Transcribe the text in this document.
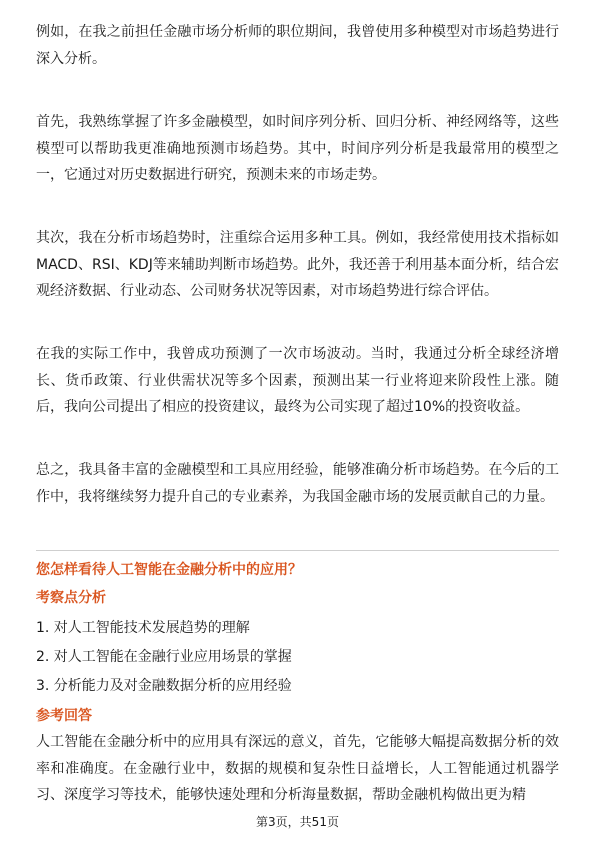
例如，在我之前担任金融市场分析师的职位期间，我曾使用多种模型对市场趋势进行深入分析。

首先，我熟练掌握了许多金融模型，如时间序列分析、回归分析、神经网络等，这些模型可以帮助我更准确地预测市场趋势。其中，时间序列分析是我最常用的模型之一，它通过对历史数据进行研究，预测未来的市场走势。

其次，我在分析市场趋势时，注重综合运用多种工具。例如，我经常使用技术指标如MACD、RSI、KDJ等来辅助判断市场趋势。此外，我还善于利用基本面分析，结合宏观经济数据、行业动态、公司财务状况等因素，对市场趋势进行综合评估。

在我的实际工作中，我曾成功预测了一次市场波动。当时，我通过分析全球经济增长、货币政策、行业供需状况等多个因素，预测出某一行业将迎来阶段性上涨。随后，我向公司提出了相应的投资建议，最终为公司实现了超过10%的投资收益。

总之，我具备丰富的金融模型和工具应用经验，能够准确分析市场趋势。在今后的工作中，我将继续努力提升自己的专业素养，为我国金融市场的发展贡献自己的力量。

您怎样看待人工智能在金融分析中的应用？
考察点分析
1. 对人工智能技术发展趋势的理解
2. 对人工智能在金融行业应用场景的掌握
3. 分析能力及对金融数据分析的应用经验
参考回答

人工智能在金融分析中的应用具有深远的意义，首先，它能够大幅提高数据分析的效率和准确度。在金融行业中，数据的规模和复杂性日益增长，人工智能通过机器学习、深度学习等技术，能够快速处理和分析海量数据，帮助金融机构做出更为精

第3页，共51页
